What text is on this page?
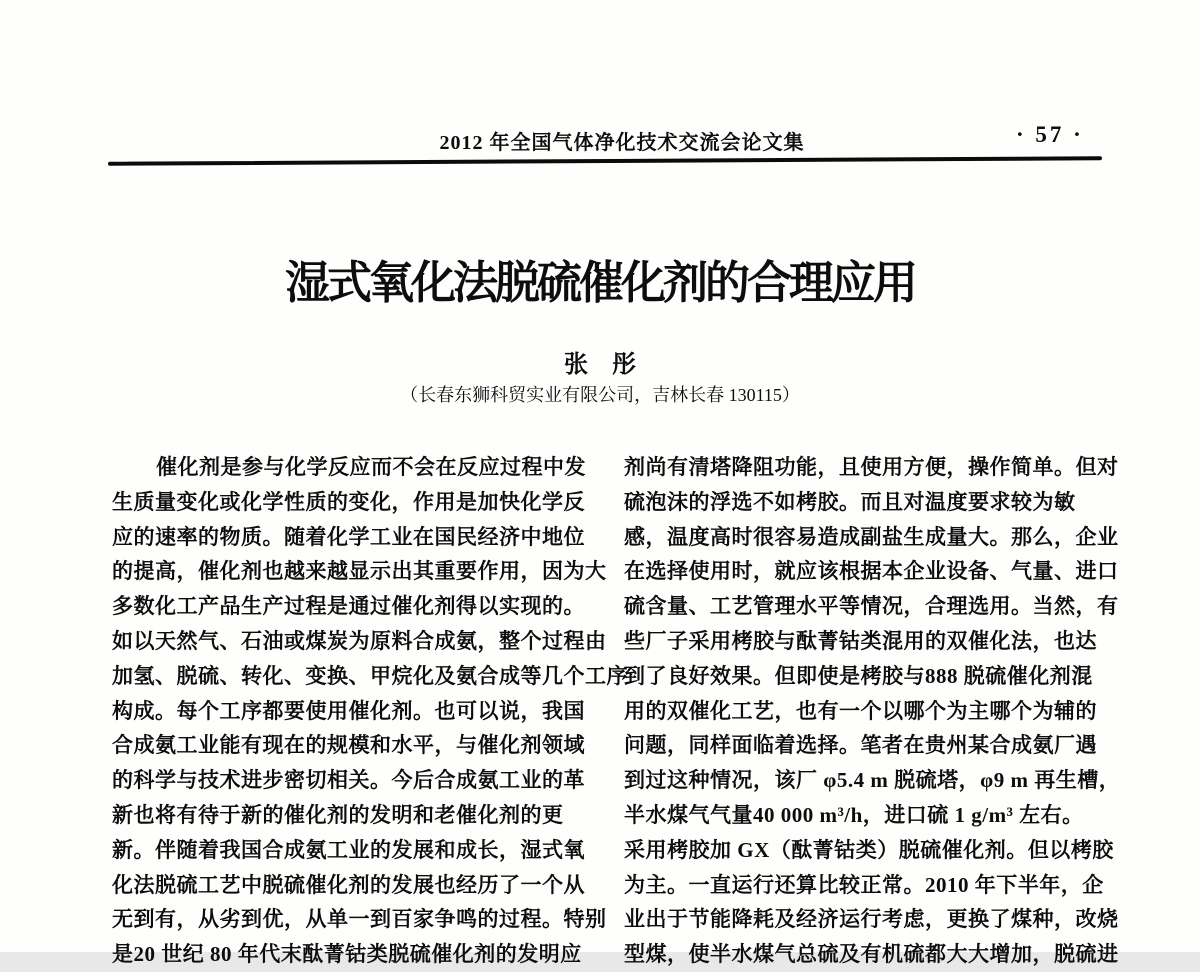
2012 年全国气体净化技术交流会论文集	· 57 ·
湿式氧化法脱硫催化剂的合理应用
张　彤
（长春东狮科贸实业有限公司，吉林长春 130115）
催化剂是参与化学反应而不会在反应过程中发
生质量变化或化学性质的变化，作用是加快化学反
应的速率的物质。随着化学工业在国民经济中地位
的提高，催化剂也越来越显示出其重要作用，因为大
多数化工产品生产过程是通过催化剂得以实现的。
如以天然气、石油或煤炭为原料合成氨，整个过程由
加氢、脱硫、转化、变换、甲烷化及氨合成等几个工序
构成。每个工序都要使用催化剂。也可以说，我国
合成氨工业能有现在的规模和水平，与催化剂领域
的科学与技术进步密切相关。今后合成氨工业的革
新也将有待于新的催化剂的发明和老催化剂的更
新。伴随着我国合成氨工业的发展和成长，湿式氧
化法脱硫工艺中脱硫催化剂的发展也经历了一个从
无到有，从劣到优，从单一到百家争鸣的过程。特别
是20 世纪 80 年代末酞菁钴类脱硫催化剂的发明应
剂尚有清塔降阻功能，且使用方便，操作简单。但对
硫泡沫的浮选不如栲胶。而且对温度要求较为敏
感，温度高时很容易造成副盐生成量大。那么，企业
在选择使用时，就应该根据本企业设备、气量、进口
硫含量、工艺管理水平等情况，合理选用。当然，有
些厂子采用栲胶与酞菁钴类混用的双催化法，也达
到了良好效果。但即使是栲胶与888 脱硫催化剂混
用的双催化工艺，也有一个以哪个为主哪个为辅的
问题，同样面临着选择。笔者在贵州某合成氨厂遇
到过这种情况，该厂 φ5.4 m 脱硫塔，φ9 m 再生槽，
半水煤气气量40 000 m³/h，进口硫 1 g/m³ 左右。
采用栲胶加 GX（酞菁钴类）脱硫催化剂。但以栲胶
为主。一直运行还算比较正常。2010 年下半年，企
业出于节能降耗及经济运行考虑，更换了煤种，改烧
型煤，使半水煤气总硫及有机硫都大大增加，脱硫进
